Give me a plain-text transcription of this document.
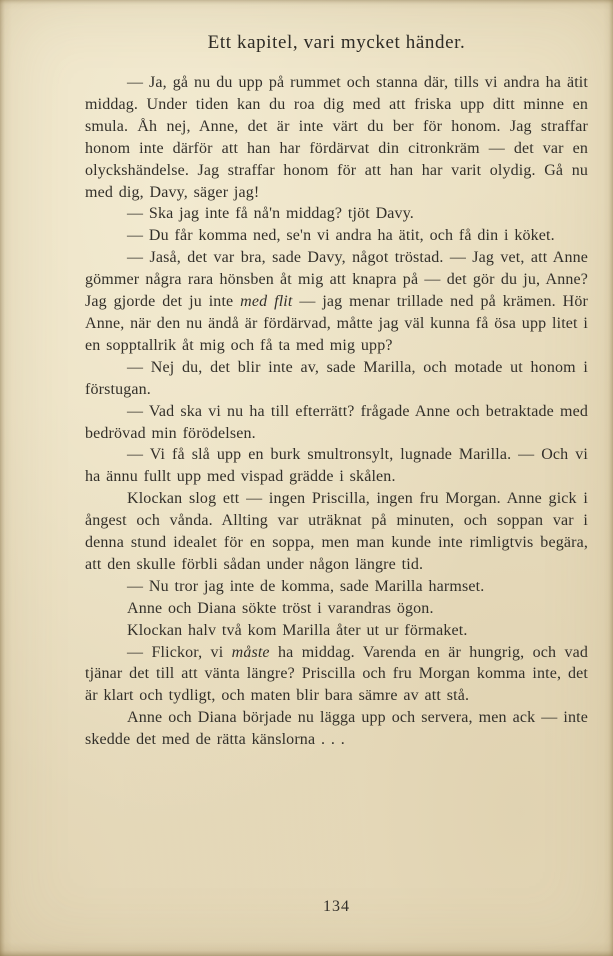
Ett kapitel, vari mycket händer.

— Ja, gå nu du upp på rummet och stanna där, tills vi andra ha ätit middag. Under tiden kan du roa dig med att friska upp ditt minne en smula. Åh nej, Anne, det är inte värt du ber för honom. Jag straffar honom inte därför att han har fördärvat din citronkräm — det var en olyckshändelse. Jag straffar honom för att han har varit olydig. Gå nu med dig, Davy, säger jag!

— Ska jag inte få nå'n middag? tjöt Davy.

— Du får komma ned, se'n vi andra ha ätit, och få din i köket.

— Jaså, det var bra, sade Davy, något tröstad. — Jag vet, att Anne gömmer några rara hönsben åt mig att knapra på — det gör du ju, Anne? Jag gjorde det ju inte med flit — jag menar trillade ned på krämen. Hör Anne, när den nu ändå är fördärvad, måtte jag väl kunna få ösa upp litet i en sopptallrik åt mig och få ta med mig upp?

— Nej du, det blir inte av, sade Marilla, och motade ut honom i förstugan.

— Vad ska vi nu ha till efterrätt? frågade Anne och betraktade med bedrövad min förödelsen.

— Vi få slå upp en burk smultronsylt, lugnade Marilla. — Och vi ha ännu fullt upp med vispad grädde i skålen.

Klockan slog ett — ingen Priscilla, ingen fru Morgan. Anne gick i ångest och vånda. Allting var uträknat på minuten, och soppan var i denna stund idealet för en soppa, men man kunde inte rimligtvis begära, att den skulle förbli sådan under någon längre tid.

— Nu tror jag inte de komma, sade Marilla harmset.

Anne och Diana sökte tröst i varandras ögon.

Klockan halv två kom Marilla åter ut ur förmaket.

— Flickor, vi måste ha middag. Varenda en är hungrig, och vad tjänar det till att vänta längre? Priscilla och fru Morgan komma inte, det är klart och tydligt, och maten blir bara sämre av att stå.

Anne och Diana började nu lägga upp och servera, men ack — inte skedde det med de rätta känslorna . . .

134
